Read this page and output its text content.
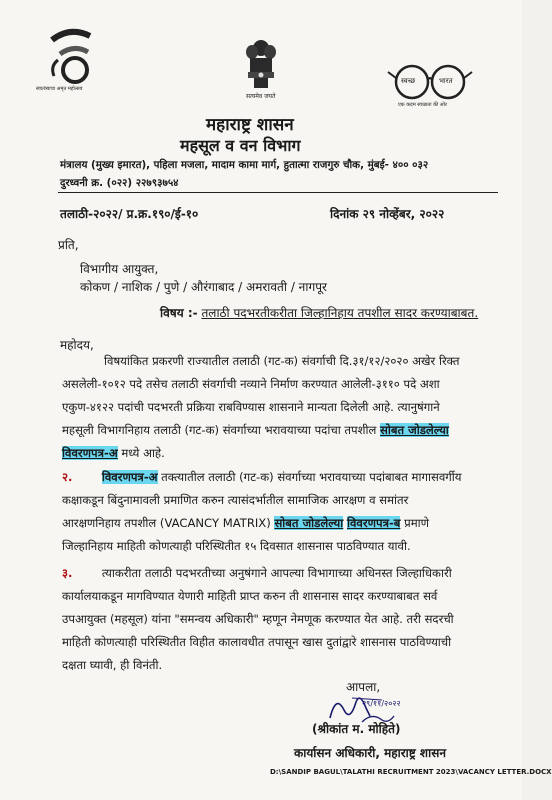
स्वातंत्र्याचा अमृत महोत्सव
सत्यमेव जयते
स्वच्छ	भारत
एक कदम स्वच्छता की ओर
महाराष्ट्र शासन
महसूल व वन विभाग
मंत्रालय (मुख्य इमारत), पहिला मजला, मादाम कामा मार्ग, हुतात्मा राजगुरु चौक, मुंबई- ४०० ०३२
दुरध्वनी क्र. (०२२) २२७९३७५४
तलाठी-२०२२/ प्र.क्र.१९०/ई-१०	दिनांक २९ नोव्हेंबर, २०२२
प्रति,
विभागीय आयुक्त,
कोकण / नाशिक / पुणे / औरंगाबाद / अमरावती / नागपूर
विषय :- तलाठी पदभरतीकरीता जिल्हानिहाय तपशील सादर करण्याबाबत.
महोदय,
विषयांकित प्रकरणी राज्यातील तलाठी (गट-क) संवर्गाची दि.३१/१२/२०२० अखेर रिक्त
असलेली-१०१२ पदे तसेच तलाठी संवर्गाची नव्याने निर्माण करण्यात आलेली-३११० पदे अशा
एकुण-४१२२ पदांची पदभरती प्रक्रिया राबविण्यास शासनाने मान्यता दिलेली आहे. त्यानुषंगाने
महसूली विभागनिहाय तलाठी (गट-क) संवर्गाच्या भरावयाच्या पदांचा तपशील सोबत जोडलेल्या
विवरणपत्र-अ मध्ये आहे.
२.	विवरणपत्र-अ तक्त्यातील तलाठी (गट-क) संवर्गाच्या भरावयाच्या पदांबाबत मागासवर्गीय
कक्षाकडून बिंदुनामावली प्रमाणित करुन त्यासंदर्भातील सामाजिक आरक्षण व समांतर
आरक्षणनिहाय तपशील (VACANCY MATRIX) सोबत जोडलेल्या विवरणपत्र-ब प्रमाणे
जिल्हानिहाय माहिती कोणत्याही परिस्थितीत १५ दिवसात शासनास पाठविण्यात यावी.
३.	त्याकरीता तलाठी पदभरतीच्या अनुषंगाने आपल्या विभागाच्या अधिनस्त जिल्हाधिकारी
कार्यालयाकडून मागविण्यात येणारी माहिती प्राप्त करुन ती शासनास सादर करण्याबाबत सर्व
उपआयुक्त (महसूल) यांना "समन्वय अधिकारी" म्हणून नेमणूक करण्यात येत आहे. तरी सदरची
माहिती कोणत्याही परिस्थितीत विहीत कालावधीत तपासून खास दुतांद्वारे शासनास पाठविण्याची
दक्षता घ्यावी, ही विनंती.
आपला,
२९/११/२०२२
(श्रीकांत म. मोहिते)
कार्यासन अधिकारी, महाराष्ट्र शासन
D:\SANDIP BAGUL\TALATHI RECRUITMENT 2023\VACANCY LETTER.DOCX
